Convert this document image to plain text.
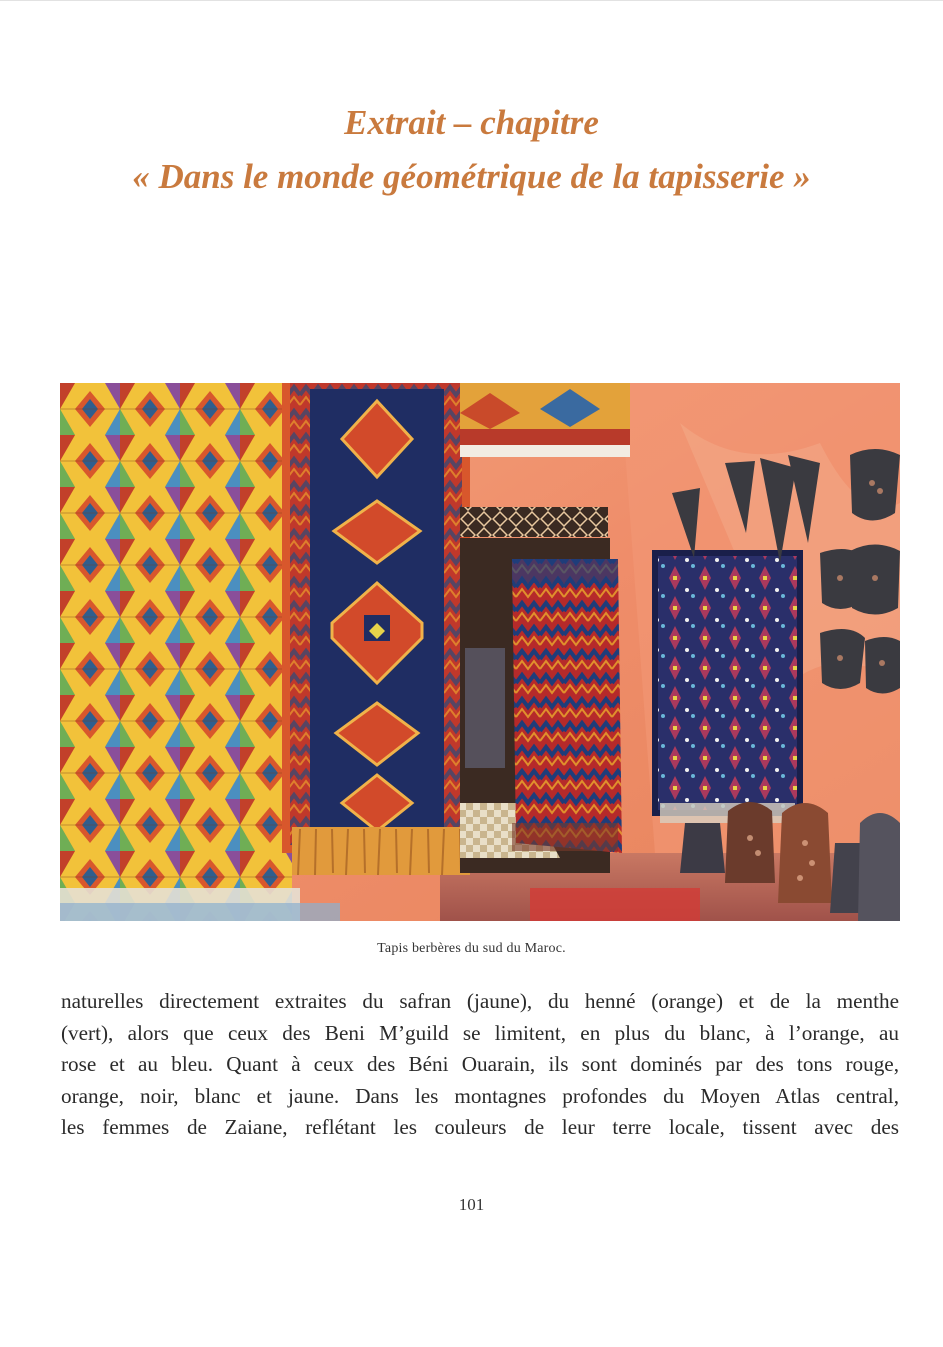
Extrait – chapitre
« Dans le monde géométrique de la tapisserie »
Tapis berbères du sud du Maroc.
naturelles directement extraites du safran (jaune), du henné (orange) et de la menthe
(vert), alors que ceux des Beni M’guild se limitent, en plus du blanc, à l’orange, au
rose et au bleu. Quant à ceux des Béni Ouarain, ils sont dominés par des tons rouge,
orange, noir, blanc et jaune. Dans les montagnes profondes du Moyen Atlas central,
les femmes de Zaiane, reflétant les couleurs de leur terre locale, tissent avec des
101
